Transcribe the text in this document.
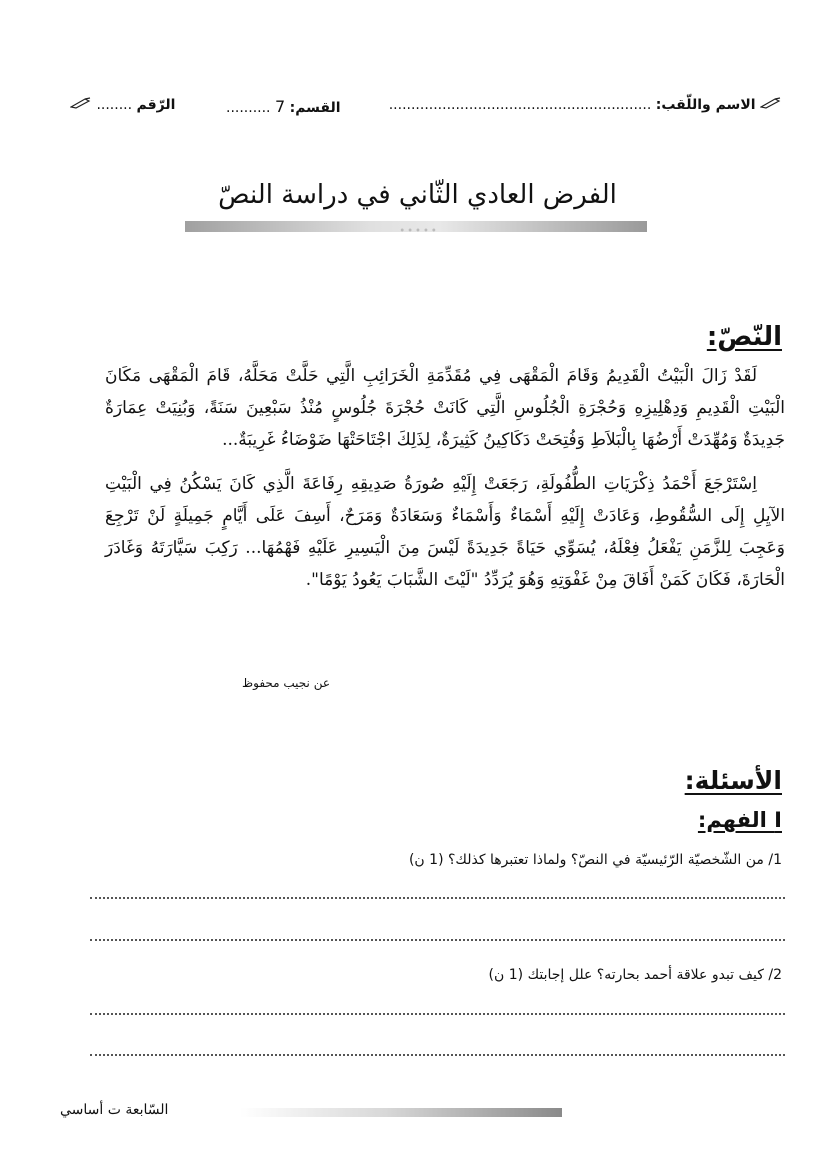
الاسم واللّقب: ...........................................................
القسم: 7 ..........
الرّقم ........
الفرض العادي الثّاني في دراسة النصّ
•••••
النّصّ:

لَقَدْ زَالَ الْبَيْتُ الْقَدِيمُ وَقَامَ الْمَقْهَى فِي مُقَدِّمَةِ الْخَرَائِبِ الَّتِي حَلَّتْ مَحَلَّهُ، قَامَ الْمَقْهَى مَكَانَ الْبَيْتِ الْقَدِيمِ وَدِهْلِيزِهِ وَحُجْرَةِ الْجُلُوسِ الَّتِي كَانَتْ حُجْرَةَ جُلُوسٍ مُنْذُ سَبْعِينَ سَنَةً، وَبُنِيَتْ عِمَارَةٌ جَدِيدَةٌ وَمُهِّدَتْ أَرْضُهَا بِالْبَلاَطِ وَفُتِحَتْ دَكَاكِينُ كَثِيرَةٌ، لِذَلِكَ اجْتَاحَتْهَا ضَوْضَاءُ غَرِيبَةٌ...

اِسْتَرْجَعَ أَحْمَدُ ذِكْرَيَاتِ الطُّفُولَةِ، رَجَعَتْ إِلَيْهِ صُورَةُ صَدِيقِهِ رِفَاعَةَ الَّذِي كَانَ يَسْكُنُ فِي الْبَيْتِ الآيِلِ إِلَى السُّقُوطِ، وَعَادَتْ إِلَيْهِ أَسْمَاءٌ وَأَسْمَاءٌ وَسَعَادَةٌ وَمَرَحٌ، أَسِفَ عَلَى أَيَّامٍ جَمِيلَةٍ لَنْ تَرْجِعَ وَعَجِبَ لِلزَّمَنِ يَفْعَلُ فِعْلَهُ، يُسَوِّي حَيَاةً جَدِيدَةً لَيْسَ مِنَ الْيَسِيرِ عَلَيْهِ فَهْمُهَا... رَكِبَ سَيَّارَتَهُ وَغَادَرَ الْحَارَةَ، فَكَانَ كَمَنْ أَفَاقَ مِنْ غَفْوَتِهِ وَهُوَ يُرَدِّدُ "لَيْتَ الشَّبَابَ يَعُودُ يَوْمًا".

عن نجيب محفوظ
الأسئلة:
I الفهم:
1/ من الشّخصيّة الرّئيسيّة في النصّ؟ ولماذا تعتبرها كذلك؟ (1 ن)
2/ كيف تبدو علاقة أحمد بحارته؟ علل إجابتك (1 ن)
السّابعة ت أساسي
